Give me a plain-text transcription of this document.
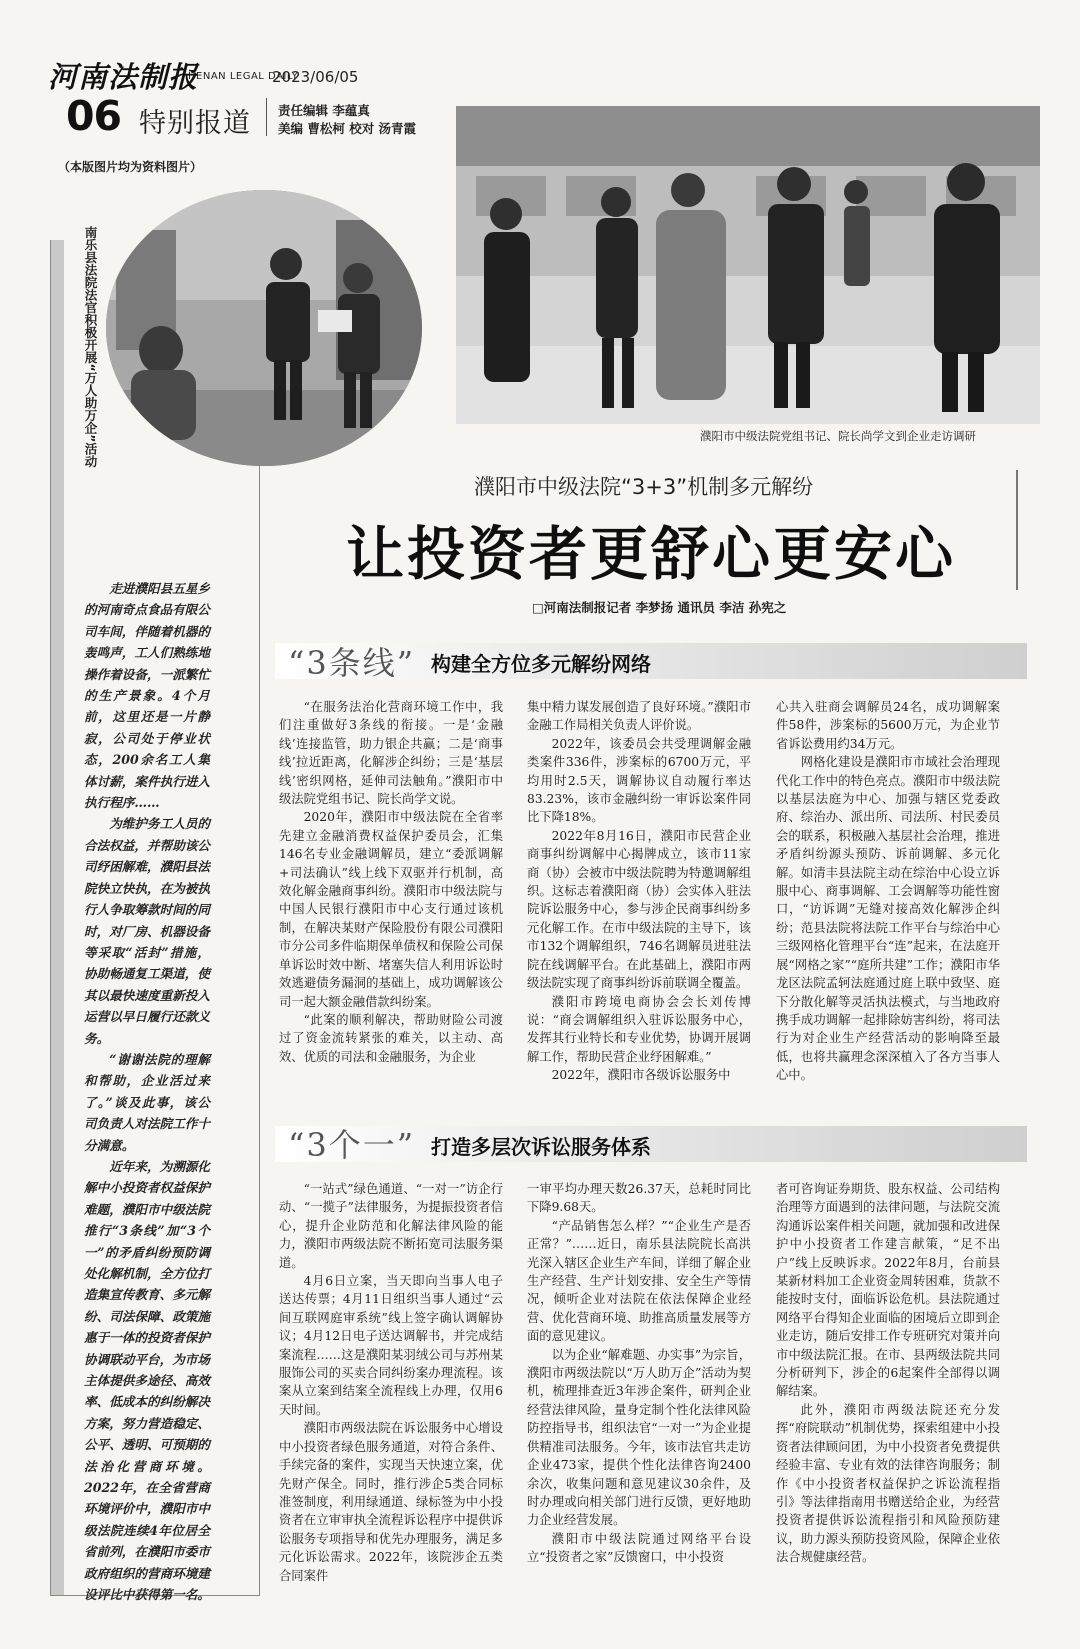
河南法制报
HENAN LEGAL DAILY
2023/06/05
06 特别报道 责任编辑 李蕴真
美编 曹松柯 校对 汤青霞
（本版图片均为资料图片）
南乐县法院法官积极开展“万人助万企”活动	濮阳市中级法院党组书记、院长尚学文到企业走访调研
濮阳市中级法院“3+3”机制多元解纷
让投资者更舒心更安心
□河南法制报记者 李梦扬 通讯员 李洁 孙宪之

走进濮阳县五星乡的河南奇点食品有限公司车间，伴随着机器的轰鸣声，工人们熟练地操作着设备，一派繁忙的生产景象。4个月前，这里还是一片静寂，公司处于停业状态，200余名工人集体讨薪，案件执行进入执行程序……

为维护务工人员的合法权益，并帮助该公司纾困解难，濮阳县法院快立快执，在为被执行人争取筹款时间的同时，对厂房、机器设备等采取“活封”措施，协助畅通复工渠道，使其以最快速度重新投入运营以早日履行还款义务。

“谢谢法院的理解和帮助，企业活过来了。”谈及此事，该公司负责人对法院工作十分满意。

近年来，为溯源化解中小投资者权益保护难题，濮阳市中级法院推行“3条线”加“3个一”的矛盾纠纷预防调处化解机制，全方位打造集宣传教育、多元解纷、司法保障、政策施惠于一体的投资者保护协调联动平台，为市场主体提供多途径、高效率、低成本的纠纷解决方案，努力营造稳定、公平、透明、可预期的法治化营商环境。2022年，在全省营商环境评价中，濮阳市中级法院连续4年位居全省前列，在濮阳市委市政府组织的营商环境建设评比中获得第一名。

“3条线” 构建全方位多元解纷网络

“在服务法治化营商环境工作中，我们注重做好3条线的衔接。一是‘金融线’连接监管，助力银企共赢；二是‘商事线’拉近距离，化解涉企纠纷；三是‘基层线’密织网格，延伸司法触角。”濮阳市中级法院党组书记、院长尚学文说。

2020年，濮阳市中级法院在全省率先建立金融消费权益保护委员会，汇集146名专业金融调解员，建立“委派调解+司法确认”线上线下双驱并行机制，高效化解金融商事纠纷。濮阳市中级法院与中国人民银行濮阳市中心支行通过该机制，在解决某财产保险股份有限公司濮阳市分公司多件临期保单债权和保险公司保单诉讼时效中断、堵塞失信人利用诉讼时效逃避债务漏洞的基础上，成功调解该公司一起大额金融借款纠纷案。

“此案的顺利解决，帮助财险公司渡过了资金流转紧张的难关，以主动、高效、优质的司法和金融服务，为企业

集中精力谋发展创造了良好环境。”濮阳市金融工作局相关负责人评价说。

2022年，该委员会共受理调解金融类案件336件，涉案标的6700万元，平均用时2.5天，调解协议自动履行率达83.23%，该市金融纠纷一审诉讼案件同比下降18%。

2022年8月16日，濮阳市民营企业商事纠纷调解中心揭牌成立，该市11家商（协）会被市中级法院聘为特邀调解组织。这标志着濮阳商（协）会实体入驻法院诉讼服务中心，参与涉企民商事纠纷多元化解工作。在市中级法院的主导下，该市132个调解组织，746名调解员进驻法院在线调解平台。在此基础上，濮阳市两级法院实现了商事纠纷诉前联调全覆盖。

濮阳市跨境电商协会会长刘传博说：“商会调解组织入驻诉讼服务中心，发挥其行业特长和专业优势，协调开展调解工作，帮助民营企业纾困解难。”

2022年，濮阳市各级诉讼服务中

心共入驻商会调解员24名，成功调解案件58件，涉案标的5600万元，为企业节省诉讼费用约34万元。

网格化建设是濮阳市市域社会治理现代化工作中的特色亮点。濮阳市中级法院以基层法庭为中心、加强与辖区党委政府、综治办、派出所、司法所、村民委员会的联系，积极融入基层社会治理，推进矛盾纠纷源头预防、诉前调解、多元化解。如清丰县法院主动在综治中心设立诉服中心、商事调解、工会调解等功能性窗口，“访诉调”无缝对接高效化解涉企纠纷；范县法院将法院工作平台与综治中心三级网格化管理平台“连”起来，在法庭开展“网格之家”“庭所共建”工作；濮阳市华龙区法院孟轲法庭通过庭上联中致坚、庭下分散化解等灵活执法模式，与当地政府携手成功调解一起排除妨害纠纷，将司法行为对企业生产经营活动的影响降至最低，也将共赢理念深深植入了各方当事人心中。

“3个一” 打造多层次诉讼服务体系

“一站式”绿色通道、“一对一”访企行动、“一揽子”法律服务，为提振投资者信心，提升企业防范和化解法律风险的能力，濮阳市两级法院不断拓宽司法服务渠道。

4月6日立案，当天即向当事人电子送达传票；4月11日组织当事人通过“云间互联网庭审系统”线上签字确认调解协议；4月12日电子送达调解书，并完成结案流程……这是濮阳某羽绒公司与苏州某服饰公司的买卖合同纠纷案办理流程。该案从立案到结案全流程线上办理，仅用6天时间。

濮阳市两级法院在诉讼服务中心增设中小投资者绿色服务通道，对符合条件、手续完备的案件，实现当天快速立案，优先财产保全。同时，推行涉企5类合同标准签制度，利用绿通道、绿标签为中小投资者在立审审执全流程诉讼程序中提供诉讼服务专项指导和优先办理服务，满足多元化诉讼需求。2022年，该院涉企五类合同案件

一审平均办理天数26.37天，总耗时同比下降9.68天。

“产品销售怎么样？”“企业生产是否正常？”……近日，南乐县法院院长高洪光深入辖区企业生产车间，详细了解企业生产经营、生产计划安排、安全生产等情况，倾听企业对法院在依法保障企业经营、优化营商环境、助推高质量发展等方面的意见建议。

以为企业“解难题、办实事”为宗旨，濮阳市两级法院以“万人助万企”活动为契机，梳理排查近3年涉企案件，研判企业经营法律风险，量身定制个性化法律风险防控指导书，组织法官“一对一”为企业提供精准司法服务。今年，该市法官共走访企业473家，提供个性化法律咨询2400余次，收集问题和意见建议30余件，及时办理或向相关部门进行反馈，更好地助力企业经营发展。

濮阳市中级法院通过网络平台设立“投资者之家”反馈窗口，中小投资

者可咨询证券期货、股东权益、公司结构治理等方面遇到的法律问题，与法院交流沟通诉讼案件相关问题，就加强和改进保护中小投资者工作建言献策，“足不出户”线上反映诉求。2022年8月，台前县某新材料加工企业资金周转困难，货款不能按时支付，面临诉讼危机。县法院通过网络平台得知企业面临的困境后立即到企业走访，随后安排工作专班研究对策并向市中级法院汇报。在市、县两级法院共同分析研判下，涉企的6起案件全部得以调解结案。

此外，濮阳市两级法院还充分发挥“府院联动”机制优势，探索组建中小投资者法律顾问团，为中小投资者免费提供经验丰富、专业有效的法律咨询服务；制作《中小投资者权益保护之诉讼流程指引》等法律指南用书赠送给企业，为经营投资者提供诉讼流程指引和风险预防建议，助力源头预防投资风险，保障企业依法合规健康经营。
